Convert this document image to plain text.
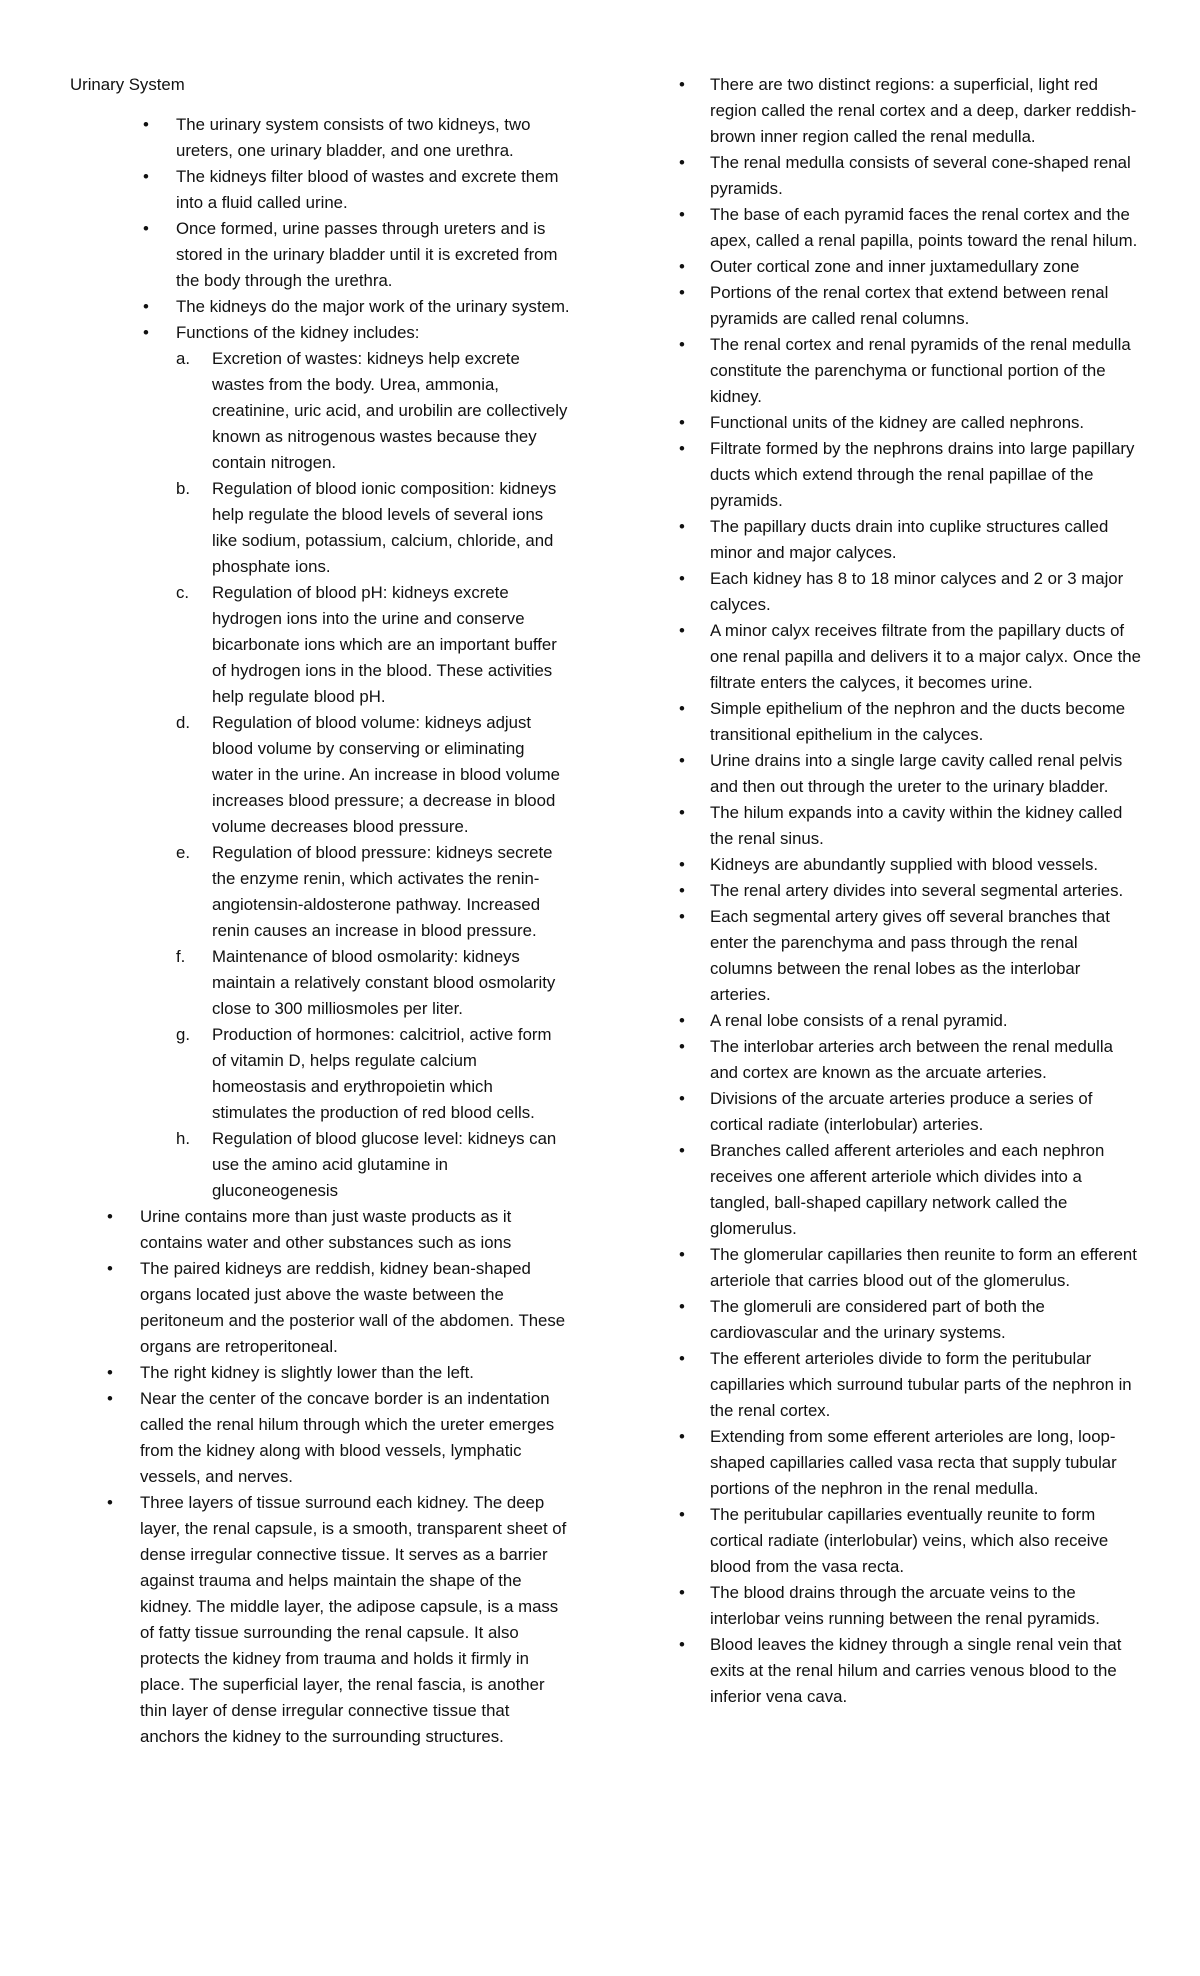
Urinary System
•	The urinary system consists of two kidneys, two ureters, one urinary bladder, and one urethra.
•	The kidneys filter blood of wastes and excrete them into a fluid called urine.
•	Once formed, urine passes through ureters and is stored in the urinary bladder until it is excreted from the body through the urethra.
•	The kidneys do the major work of the urinary system.
•	Functions of the kidney includes:
a.	Excretion of wastes: kidneys help excrete wastes from the body. Urea, ammonia, creatinine, uric acid, and urobilin are collectively known as nitrogenous wastes because they contain nitrogen.
b.	Regulation of blood ionic composition: kidneys help regulate the blood levels of several ions like sodium, potassium, calcium, chloride, and phosphate ions.
c.	Regulation of blood pH: kidneys excrete hydrogen ions into the urine and conserve bicarbonate ions which are an important buffer of hydrogen ions in the blood. These activities help regulate blood pH.
d.	Regulation of blood volume: kidneys adjust blood volume by conserving or eliminating water in the urine. An increase in blood volume increases blood pressure; a decrease in blood volume decreases blood pressure.
e.	Regulation of blood pressure: kidneys secrete the enzyme renin, which activates the renin-angiotensin-aldosterone pathway. Increased renin causes an increase in blood pressure.
f.	Maintenance of blood osmolarity: kidneys maintain a relatively constant blood osmolarity close to 300 milliosmoles per liter.
g.	Production of hormones: calcitriol, active form of vitamin D, helps regulate calcium homeostasis and erythropoietin which stimulates the production of red blood cells.
h.	Regulation of blood glucose level: kidneys can use the amino acid glutamine in gluconeogenesis
•	Urine contains more than just waste products as it contains water and other substances such as ions
•	The paired kidneys are reddish, kidney bean-shaped organs located just above the waste between the peritoneum and the posterior wall of the abdomen. These organs are retroperitoneal.
•	The right kidney is slightly lower than the left.
•	Near the center of the concave border is an indentation called the renal hilum through which the ureter emerges from the kidney along with blood vessels, lymphatic vessels, and nerves.
•	Three layers of tissue surround each kidney. The deep layer, the renal capsule, is a smooth, transparent sheet of dense irregular connective tissue. It serves as a barrier against trauma and helps maintain the shape of the kidney. The middle layer, the adipose capsule, is a mass of fatty tissue surrounding the renal capsule. It also protects the kidney from trauma and holds it firmly in place. The superficial layer, the renal fascia, is another thin layer of dense irregular connective tissue that anchors the kidney to the surrounding structures.
•	There are two distinct regions: a superficial, light red region called the renal cortex and a deep, darker reddish-brown inner region called the renal medulla.
•	The renal medulla consists of several cone-shaped renal pyramids.
•	The base of each pyramid faces the renal cortex and the apex, called a renal papilla, points toward the renal hilum.
•	Outer cortical zone and inner juxtamedullary zone
•	Portions of the renal cortex that extend between renal pyramids are called renal columns.
•	The renal cortex and renal pyramids of the renal medulla constitute the parenchyma or functional portion of the kidney.
•	Functional units of the kidney are called nephrons.
•	Filtrate formed by the nephrons drains into large papillary ducts which extend through the renal papillae of the pyramids.
•	The papillary ducts drain into cuplike structures called minor and major calyces.
•	Each kidney has 8 to 18 minor calyces and 2 or 3 major calyces.
•	A minor calyx receives filtrate from the papillary ducts of one renal papilla and delivers it to a major calyx. Once the filtrate enters the calyces, it becomes urine.
•	Simple epithelium of the nephron and the ducts become transitional epithelium in the calyces.
•	Urine drains into a single large cavity called renal pelvis and then out through the ureter to the urinary bladder.
•	The hilum expands into a cavity within the kidney called the renal sinus.
•	Kidneys are abundantly supplied with blood vessels.
•	The renal artery divides into several segmental arteries.
•	Each segmental artery gives off several branches that enter the parenchyma and pass through the renal columns between the renal lobes as the interlobar arteries.
•	A renal lobe consists of a renal pyramid.
•	The interlobar arteries arch between the renal medulla and cortex are known as the arcuate arteries.
•	Divisions of the arcuate arteries produce a series of cortical radiate (interlobular) arteries.
•	Branches called afferent arterioles and each nephron receives one afferent arteriole which divides into a tangled, ball-shaped capillary network called the glomerulus.
•	The glomerular capillaries then reunite to form an efferent arteriole that carries blood out of the glomerulus.
•	The glomeruli are considered part of both the cardiovascular and the urinary systems.
•	The efferent arterioles divide to form the peritubular capillaries which surround tubular parts of the nephron in the renal cortex.
•	Extending from some efferent arterioles are long, loop-shaped capillaries called vasa recta that supply tubular portions of the nephron in the renal medulla.
•	The peritubular capillaries eventually reunite to form cortical radiate (interlobular) veins, which also receive blood from the vasa recta.
•	The blood drains through the arcuate veins to the interlobar veins running between the renal pyramids.
•	Blood leaves the kidney through a single renal vein that exits at the renal hilum and carries venous blood to the inferior vena cava.
